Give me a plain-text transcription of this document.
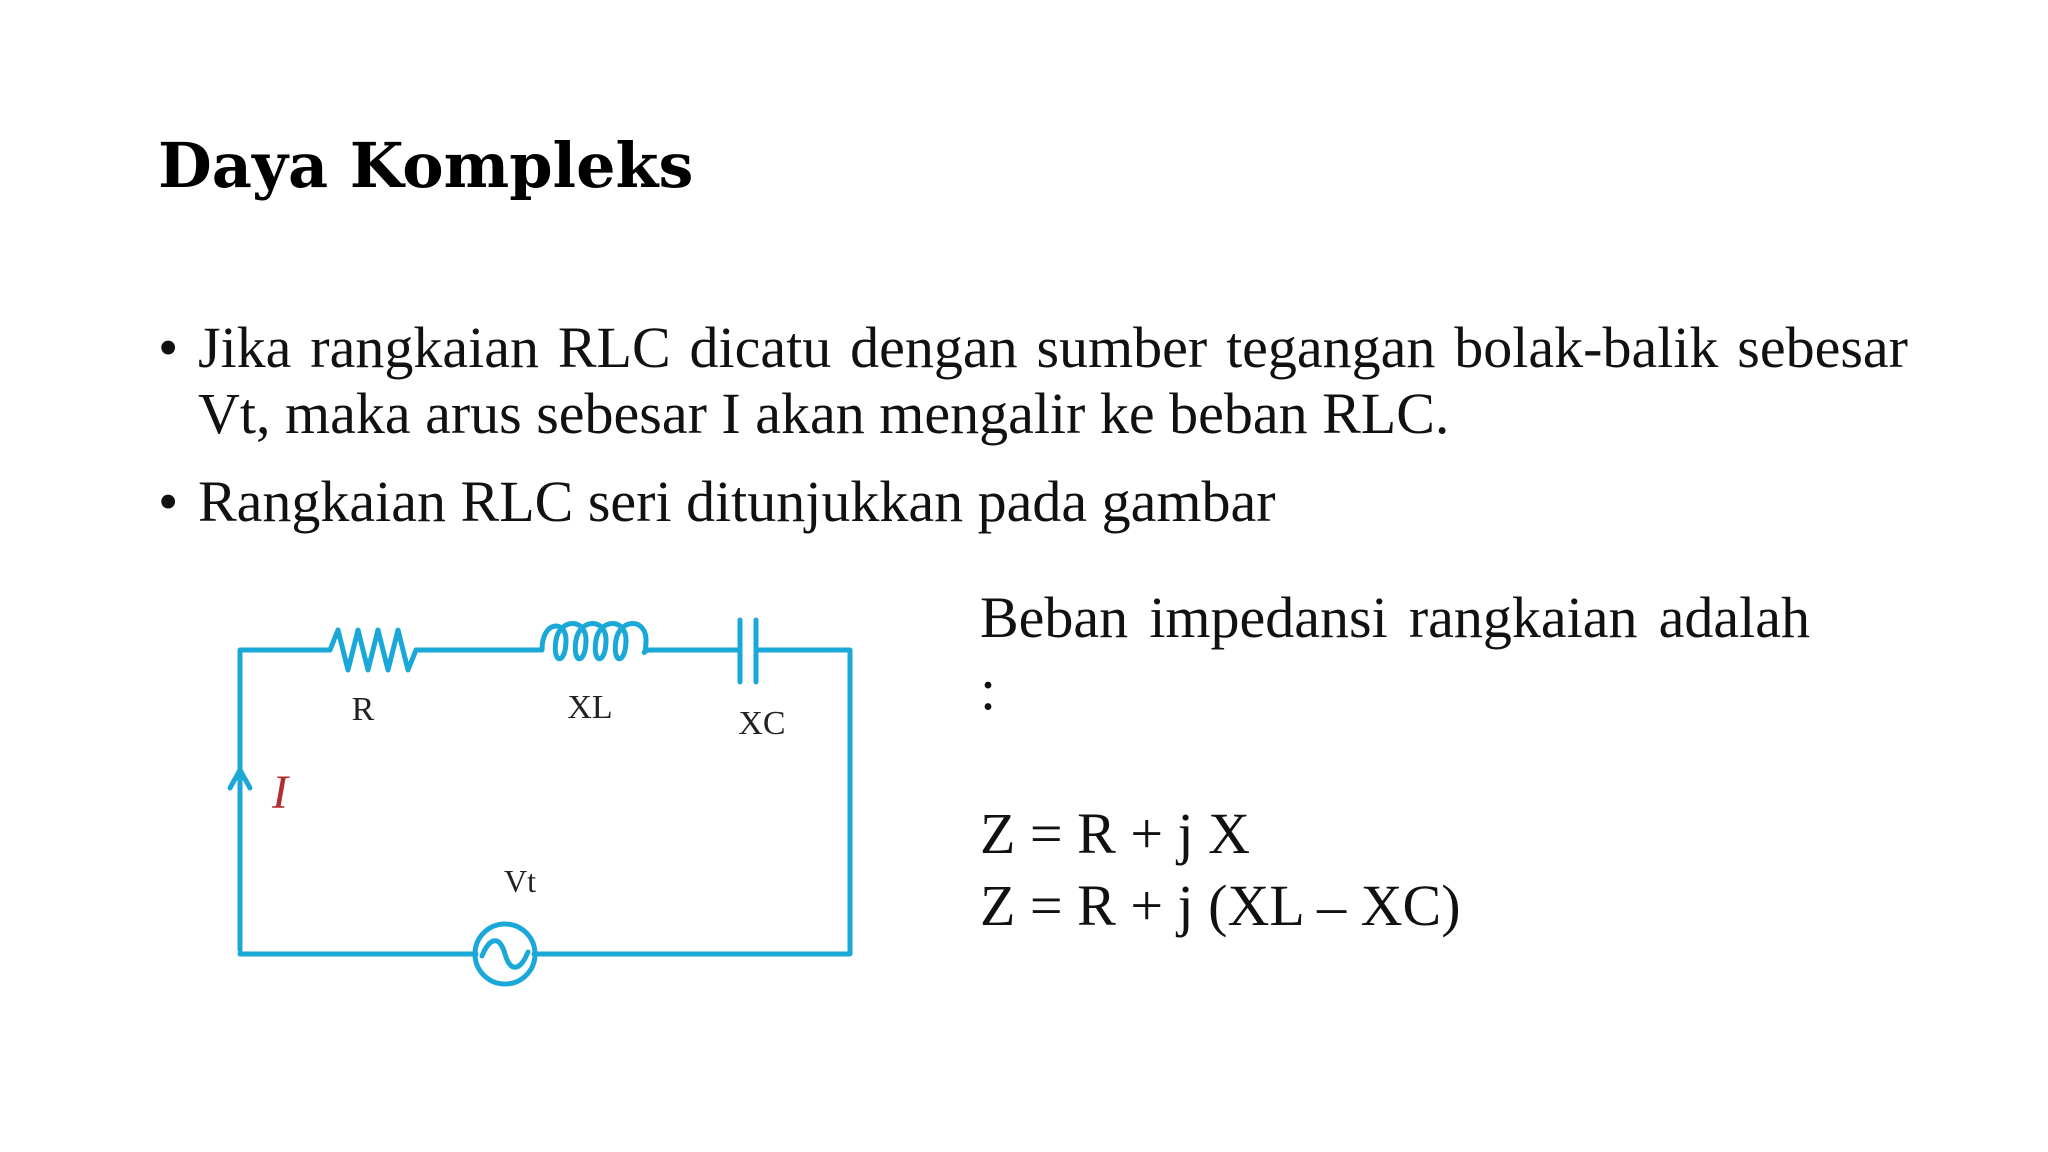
Daya Kompleks
• Jika rangkaian RLC dicatu dengan sumber tegangan bolak-balik sebesar Vt, maka arus sebesar I akan mengalir ke beban RLC.
• Rangkaian RLC seri ditunjukkan pada gambar
R	XL	XC
I
Vt
Beban impedansi rangkaian adalah :
Z = R + j X
Z = R + j (XL – XC)
